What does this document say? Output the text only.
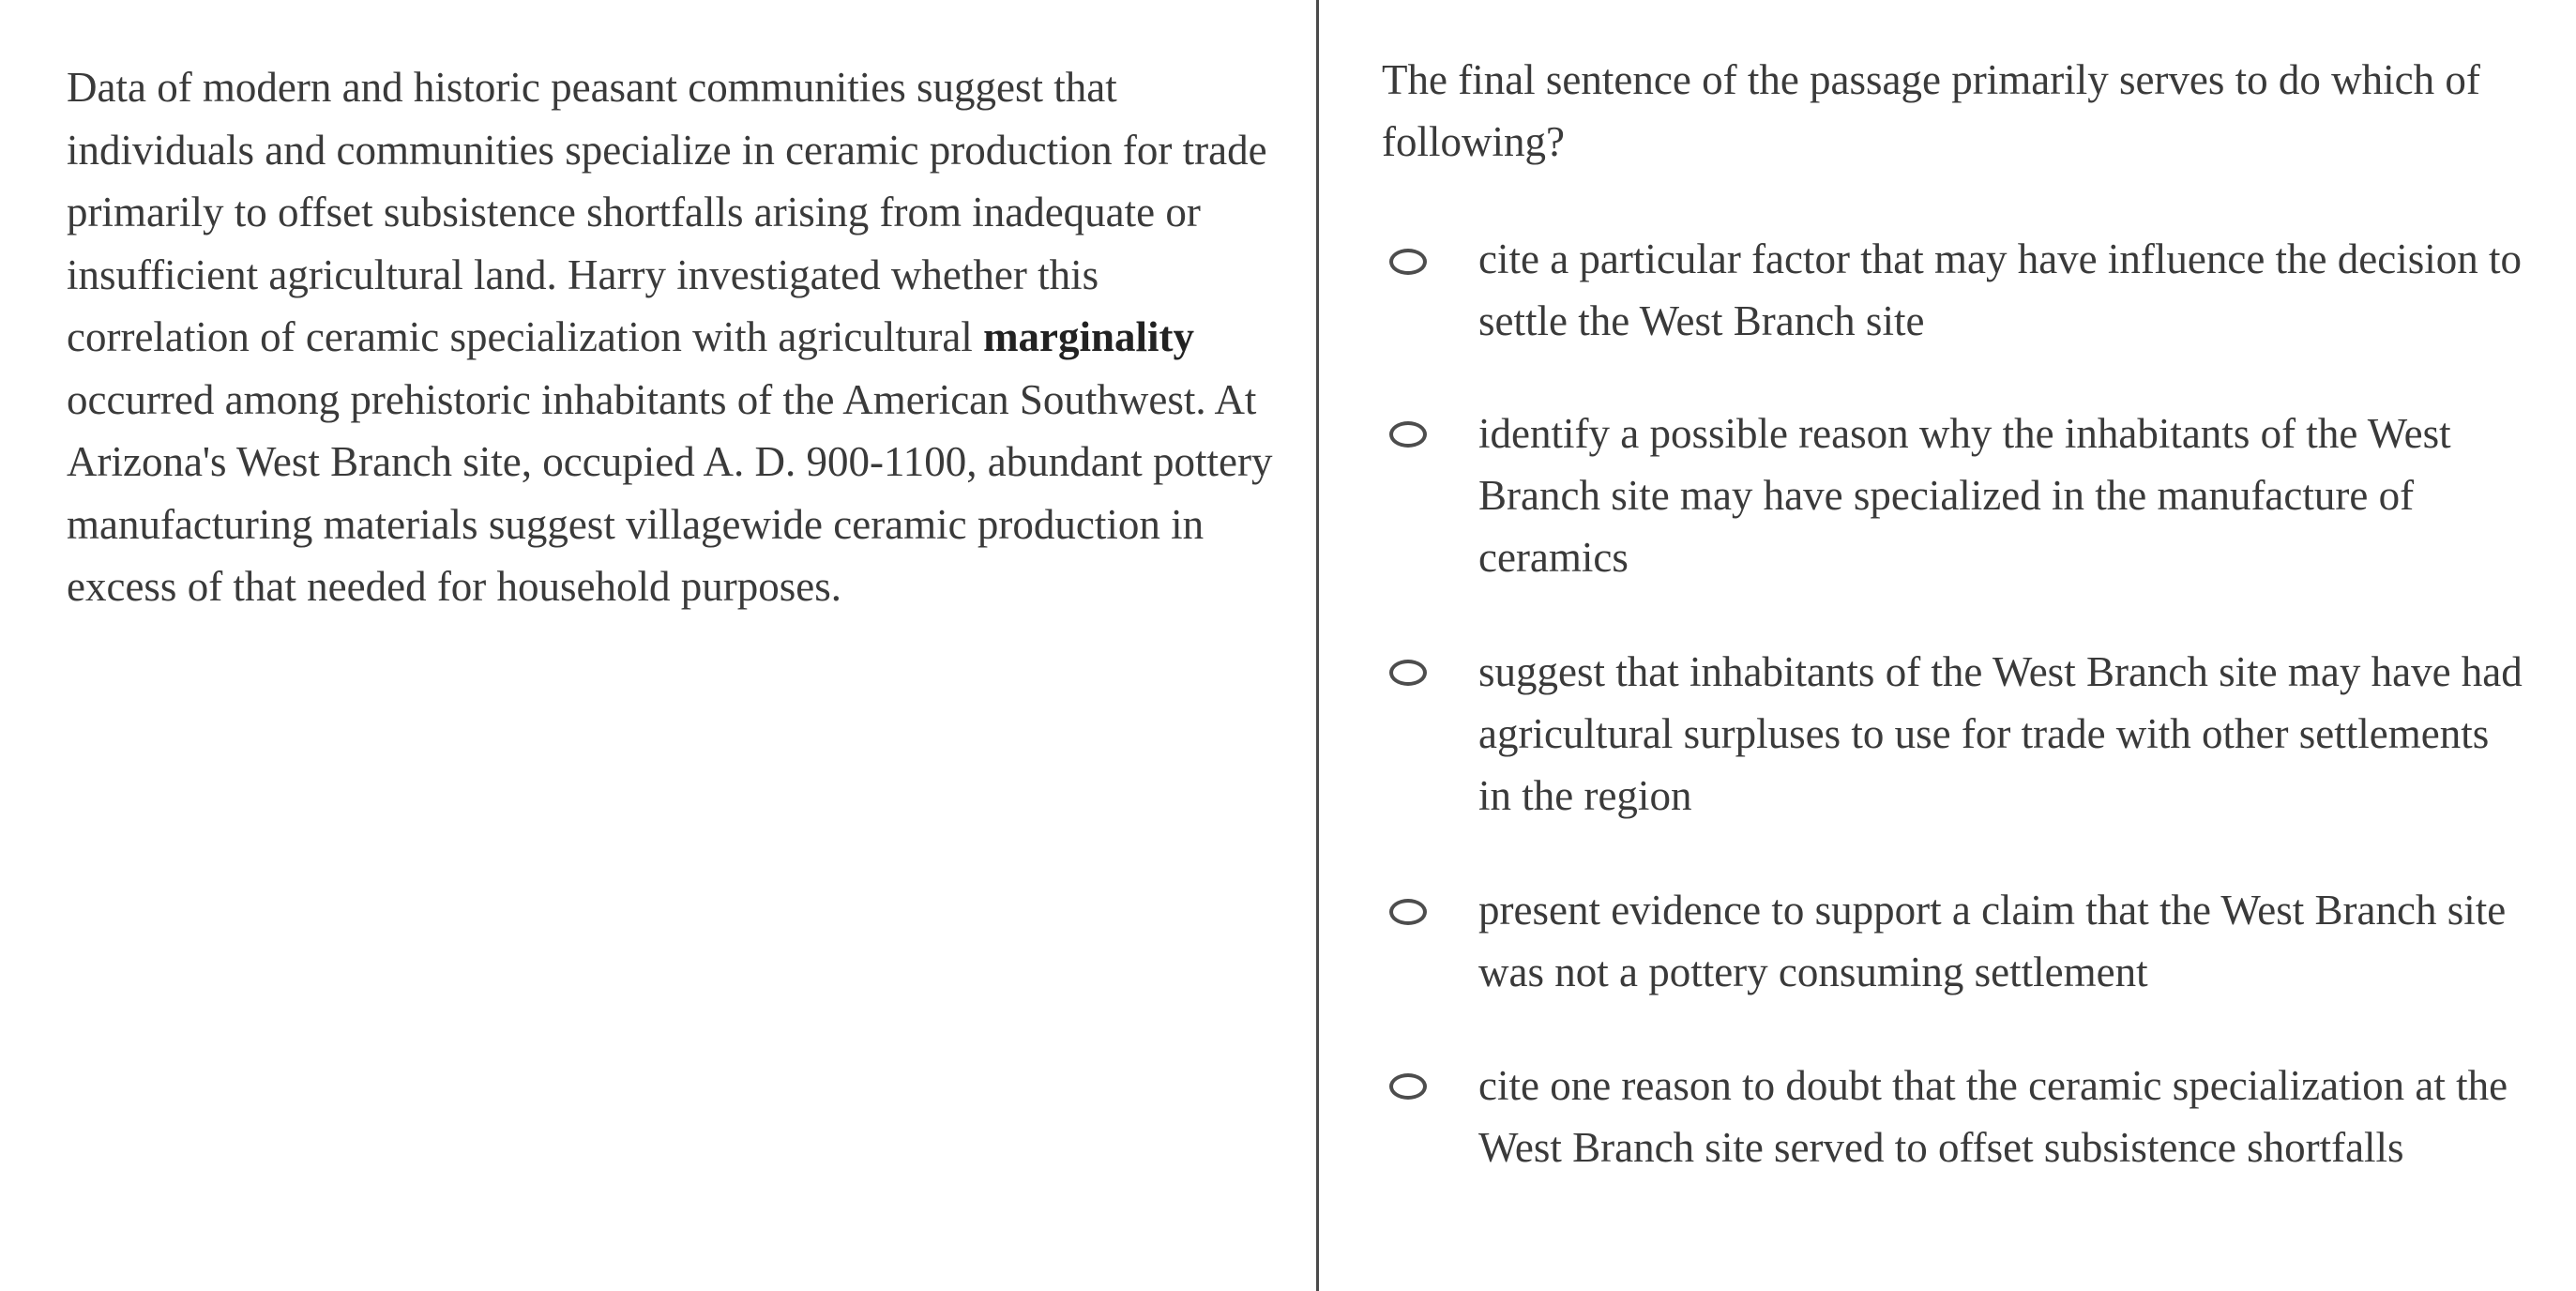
Data of modern and historic peasant communities suggest that individuals and communities specialize in ceramic production for trade primarily to offset subsistence shortfalls arising from inadequate or insufficient agricultural land. Harry investigated whether this correlation of ceramic specialization with agricultural marginality occurred among prehistoric inhabitants of the American Southwest. At Arizona's West Branch site, occupied A. D. 900-1100, abundant pottery manufacturing materials suggest villagewide ceramic production in excess of that needed for household purposes.

The final sentence of the passage primarily serves to do which of following?

cite a particular factor that may have influence the decision to settle the West Branch site
identify a possible reason why the inhabitants of the West Branch site may have specialized in the manufacture of ceramics
suggest that inhabitants of the West Branch site may have had agricultural surpluses to use for trade with other settlements in the region
present evidence to support a claim that the West Branch site was not a pottery consuming settlement
cite one reason to doubt that the ceramic specialization at the West Branch site served to offset subsistence shortfalls
